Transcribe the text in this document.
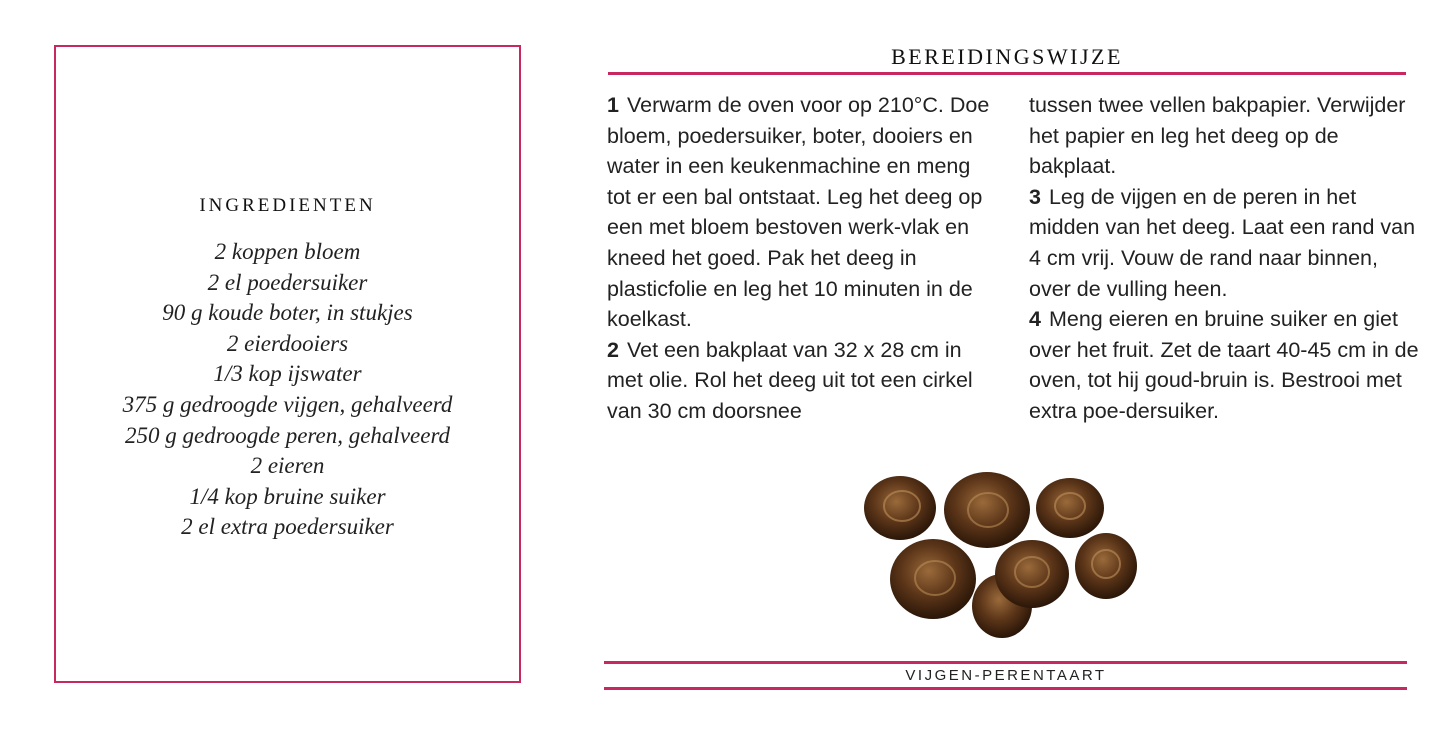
INGREDIENTEN
2 koppen bloem
2 el poedersuiker
90 g koude boter, in stukjes
2 eierdooiers
1/3 kop ijswater
375 g gedroogde vijgen, gehalveerd
250 g gedroogde peren, gehalveerd
2 eieren
1/4 kop bruine suiker
2 el extra poedersuiker
BEREIDINGSWIJZE

1 Verwarm de oven voor op 210°C. Doe bloem, poedersuiker, boter, dooiers en water in een keukenmachine en meng tot er een bal ontstaat. Leg het deeg op een met bloem bestoven werk-vlak en kneed het goed. Pak het deeg in plasticfolie en leg het 10 minuten in de koelkast.

2 Vet een bakplaat van 32 x 28 cm in met olie. Rol het deeg uit tot een cirkel van 30 cm doorsnee

tussen twee vellen bakpapier. Verwijder het papier en leg het deeg op de bakplaat.

3 Leg de vijgen en de peren in het midden van het deeg. Laat een rand van 4 cm vrij. Vouw de rand naar binnen, over de vulling heen.

4 Meng eieren en bruine suiker en giet over het fruit. Zet de taart 40-45 cm in de oven, tot hij goud-bruin is. Bestrooi met extra poe-dersuiker.

VIJGEN-PERENTAART
